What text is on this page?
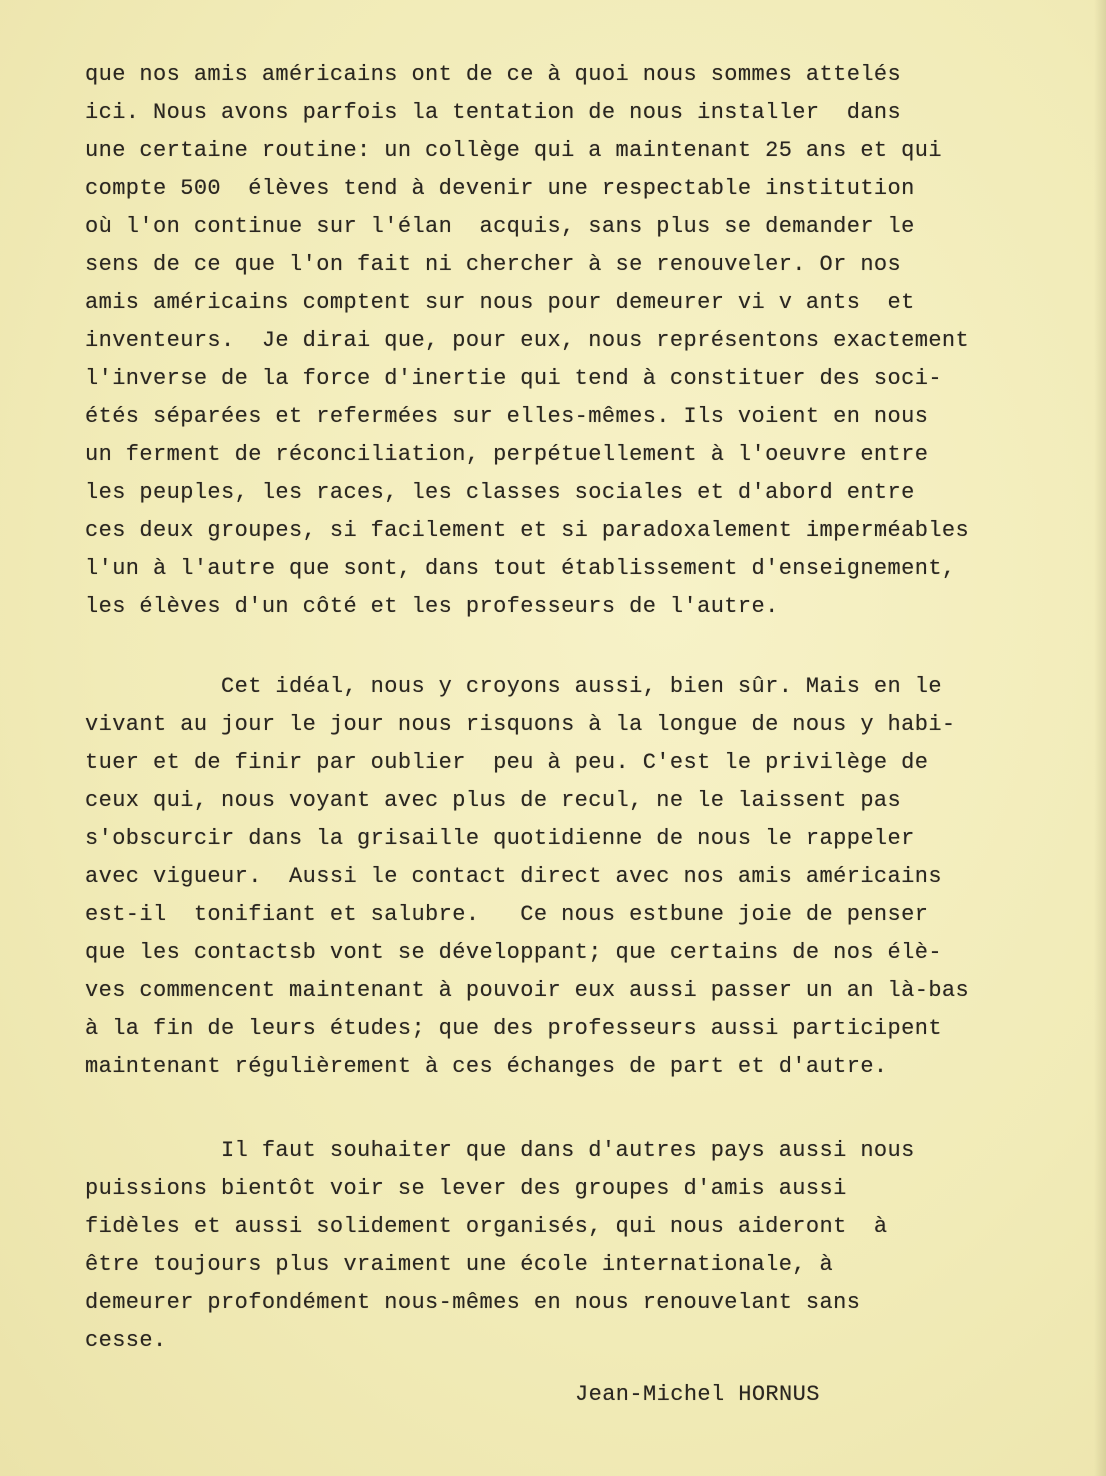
que nos amis américains ont de ce à quoi nous sommes attelés
ici. Nous avons parfois la tentation de nous installer  dans
une certaine routine: un collège qui a maintenant 25 ans et qui
compte 500  élèves tend à devenir une respectable institution
où l'on continue sur l'élan  acquis, sans plus se demander le
sens de ce que l'on fait ni chercher à se renouveler. Or nos
amis américains comptent sur nous pour demeurer vi v ants  et
inventeurs.  Je dirai que, pour eux, nous représentons exactement
l'inverse de la force d'inertie qui tend à constituer des soci-
étés séparées et refermées sur elles-mêmes. Ils voient en nous
un ferment de réconciliation, perpétuellement à l'oeuvre entre
les peuples, les races, les classes sociales et d'abord entre
ces deux groupes, si facilement et si paradoxalement imperméables
l'un à l'autre que sont, dans tout établissement d'enseignement,
les élèves d'un côté et les professeurs de l'autre.
Cet idéal, nous y croyons aussi, bien sûr. Mais en le
vivant au jour le jour nous risquons à la longue de nous y habi-
tuer et de finir par oublier  peu à peu. C'est le privilège de
ceux qui, nous voyant avec plus de recul, ne le laissent pas
s'obscurcir dans la grisaille quotidienne de nous le rappeler
avec vigueur.  Aussi le contact direct avec nos amis américains
est-il  tonifiant et salubre.   Ce nous estbune joie de penser
que les contactsb vont se développant; que certains de nos élè-
ves commencent maintenant à pouvoir eux aussi passer un an là-bas
à la fin de leurs études; que des professeurs aussi participent
maintenant régulièrement à ces échanges de part et d'autre.
Il faut souhaiter que dans d'autres pays aussi nous
puissions bientôt voir se lever des groupes d'amis aussi
fidèles et aussi solidement organisés, qui nous aideront  à
être toujours plus vraiment une école internationale, à
demeurer profondément nous-mêmes en nous renouvelant sans
cesse.
Jean-Michel HORNUS
